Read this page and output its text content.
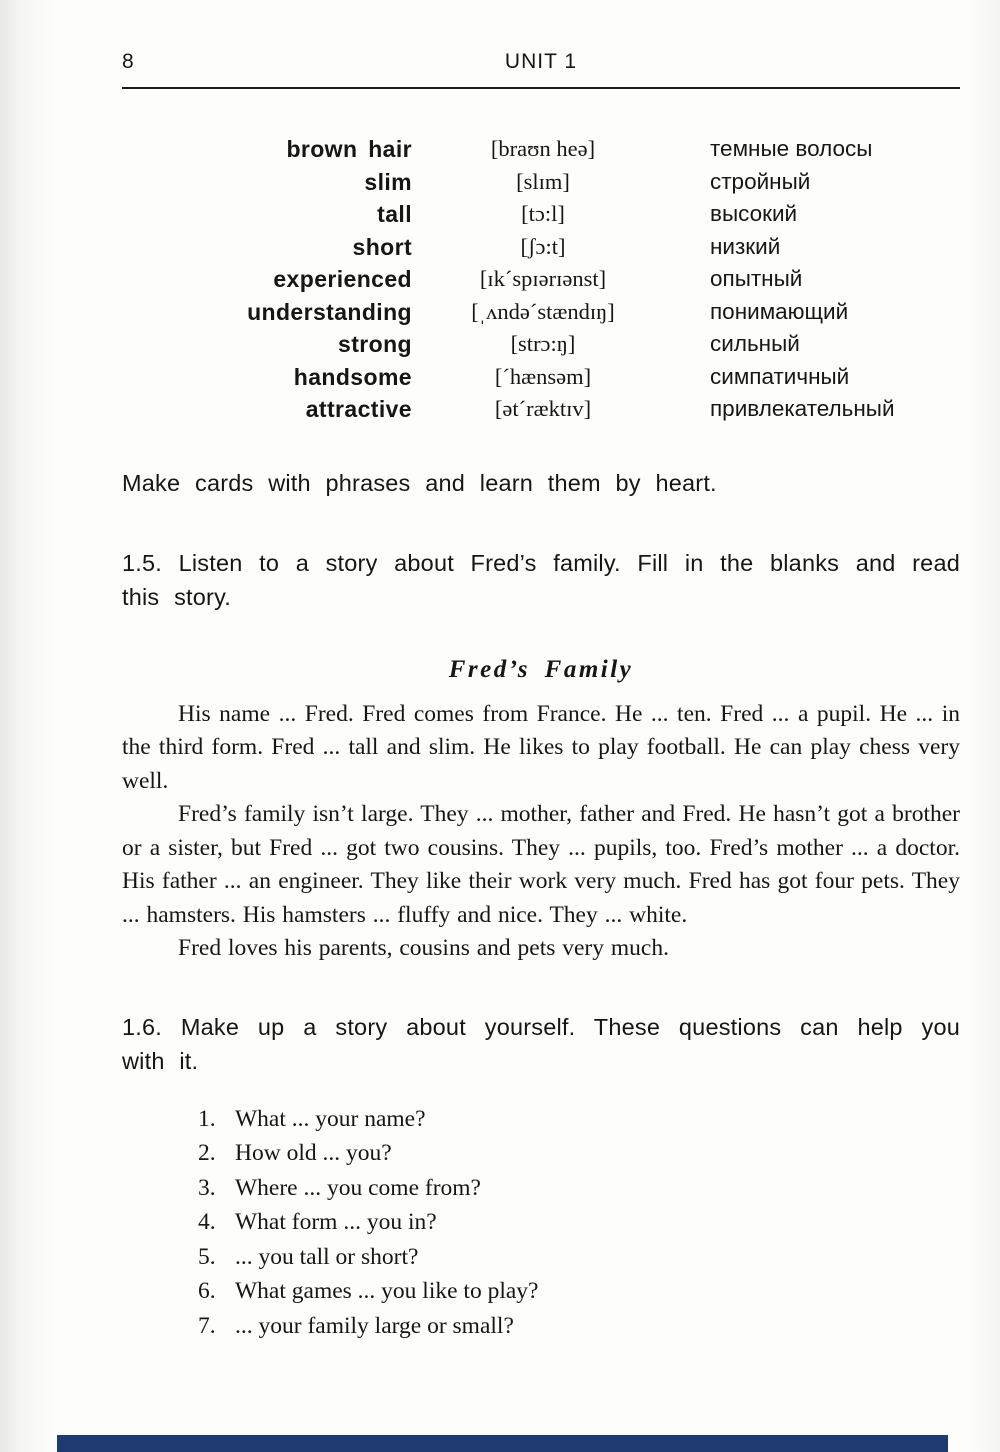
8	UNIT 1
brown hair	[braʊn heə]	темные волосы
slim	[slɪm]	стройный
tall	[tɔ:l]	высокий
short	[ʃɔ:t]	низкий
experienced	[ɪk´spɪərɪənst]	опытный
understanding	[ˌʌndə´stændɪŋ]	понимающий
strong	[strɔ:ŋ]	сильный
handsome	[´hænsəm]	симпатичный
attractive	[ət´ræktɪv]	привлекательный

Make cards with phrases and learn them by heart.

1.5. Listen to a story about Fred’s family. Fill in the blanks and read this story.

Fred’s Family

His name ... Fred. Fred comes from France. He ... ten. Fred ... a pupil. He ... in the third form. Fred ... tall and slim. He likes to play football. He can play chess very well.

Fred’s family isn’t large. They ... mother, father and Fred. He hasn’t got a brother or a sister, but Fred ... got two cousins. They ... pupils, too. Fred’s mother ... a doctor. His father ... an engineer. They like their work very much. Fred has got four pets. They ... hamsters. His hamsters ... fluffy and nice. They ... white.

Fred loves his parents, cousins and pets very much.

1.6. Make up a story about yourself. These questions can help you with it.

1. What ... your name?
2. How old ... you?
3. Where ... you come from?
4. What form ... you in?
5. ... you tall or short?
6. What games ... you like to play?
7. ... your family large or small?
